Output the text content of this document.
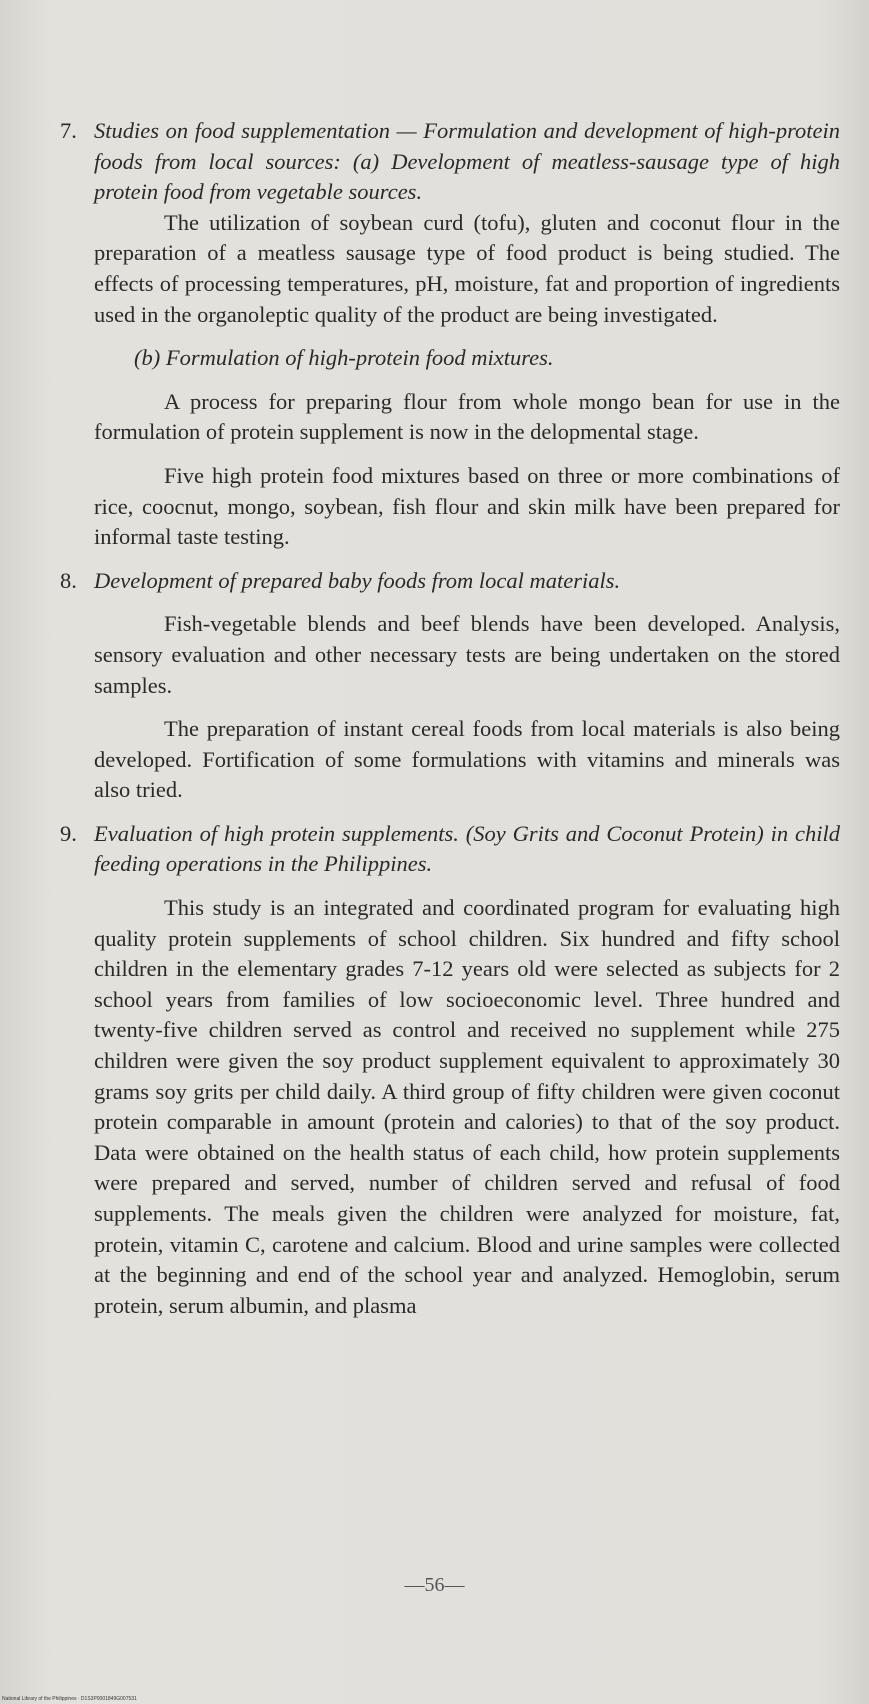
7. Studies on food supplementation — Formulation and development of high-protein foods from local sources: (a) Development of meatless-sausage type of high protein food from vegetable sources.

The utilization of soybean curd (tofu), gluten and coconut flour in the preparation of a meatless sausage type of food product is being studied. The effects of processing temperatures, pH, moisture, fat and proportion of ingredients used in the organoleptic quality of the product are being investigated.

(b) Formulation of high-protein food mixtures.

A process for preparing flour from whole mongo bean for use in the formulation of protein supplement is now in the delopmental stage.

Five high protein food mixtures based on three or more combinations of rice, coocnut, mongo, soybean, fish flour and skin milk have been prepared for informal taste testing.

8. Development of prepared baby foods from local materials.

Fish-vegetable blends and beef blends have been developed. Analysis, sensory evaluation and other necessary tests are being undertaken on the stored samples.

The preparation of instant cereal foods from local materials is also being developed. Fortification of some formulations with vitamins and minerals was also tried.

9. Evaluation of high protein supplements. (Soy Grits and Coconut Protein) in child feeding operations in the Philippines.

This study is an integrated and coordinated program for evaluating high quality protein supplements of school children. Six hundred and fifty school children in the elementary grades 7-12 years old were selected as subjects for 2 school years from families of low socioeconomic level. Three hundred and twenty-five children served as control and received no supplement while 275 children were given the soy product supplement equivalent to approximately 30 grams soy grits per child daily. A third group of fifty children were given coconut protein comparable in amount (protein and calories) to that of the soy product. Data were obtained on the health status of each child, how protein supplements were prepared and served, number of children served and refusal of food supplements. The meals given the children were analyzed for moisture, fat, protein, vitamin C, carotene and calcium. Blood and urine samples were collected at the beginning and end of the school year and analyzed. Hemoglobin, serum protein, serum albumin, and plasma

—56—
National Library of the Philippines · D1S3P0001849G007531
